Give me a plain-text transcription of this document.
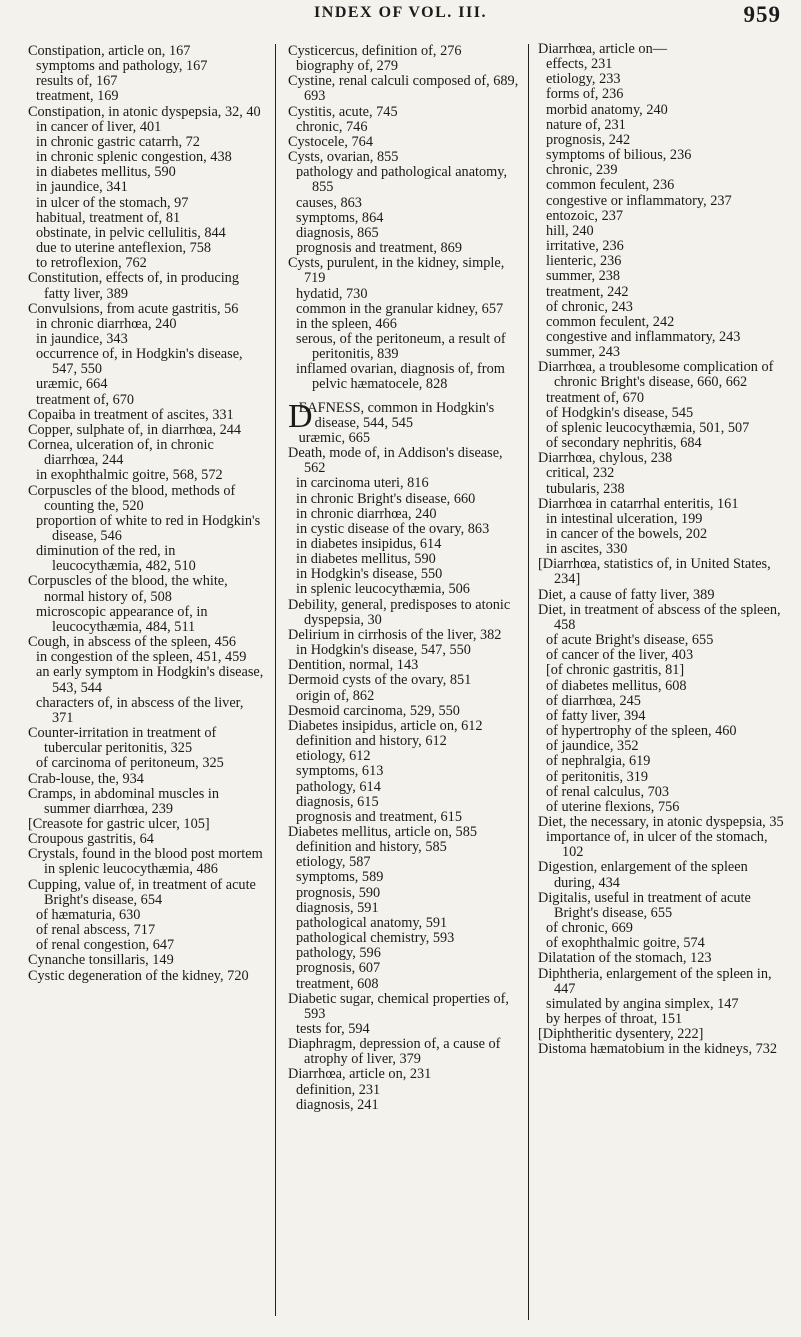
INDEX OF VOL. III.	959

Constipation, article on, 167

symptoms and pathology, 167

results of, 167

treatment, 169

Constipation, in atonic dyspepsia, 32, 40

in cancer of liver, 401

in chronic gastric catarrh, 72

in chronic splenic congestion, 438

in diabetes mellitus, 590

in jaundice, 341

in ulcer of the stomach, 97

habitual, treatment of, 81

obstinate, in pelvic cellulitis, 844

due to uterine anteflexion, 758

to retroflexion, 762

Constitution, effects of, in producing fatty liver, 389

Convulsions, from acute gastritis, 56

in chronic diarrhœa, 240

in jaundice, 343

occurrence of, in Hodgkin's disease, 547, 550

uræmic, 664

treatment of, 670

Copaiba in treatment of ascites, 331

Copper, sulphate of, in diarrhœa, 244

Cornea, ulceration of, in chronic diarrhœa, 244

in exophthalmic goitre, 568, 572

Corpuscles of the blood, methods of counting the, 520

proportion of white to red in Hodgkin's disease, 546

diminution of the red, in leucocythæmia, 482, 510

Corpuscles of the blood, the white, normal history of, 508

microscopic appearance of, in leucocythæmia, 484, 511

Cough, in abscess of the spleen, 456

in congestion of the spleen, 451, 459

an early symptom in Hodgkin's disease, 543, 544

characters of, in abscess of the liver, 371

Counter-irritation in treatment of tubercular peritonitis, 325

of carcinoma of peritoneum, 325

Crab-louse, the, 934

Cramps, in abdominal muscles in summer diarrhœa, 239

[Creasote for gastric ulcer, 105]

Croupous gastritis, 64

Crystals, found in the blood post mortem in splenic leucocythæmia, 486

Cupping, value of, in treatment of acute Bright's disease, 654

of hæmaturia, 630

of renal abscess, 717

of renal congestion, 647

Cynanche tonsillaris, 149

Cystic degeneration of the kidney, 720

Cysticercus, definition of, 276

biography of, 279

Cystine, renal calculi composed of, 689, 693

Cystitis, acute, 745

chronic, 746

Cystocele, 764

Cysts, ovarian, 855

pathology and pathological anatomy, 855

causes, 863

symptoms, 864

diagnosis, 865

prognosis and treatment, 869

Cysts, purulent, in the kidney, simple, 719

hydatid, 730

common in the granular kidney, 657

in the spleen, 466

serous, of the peritoneum, a result of peritonitis, 839

inflamed ovarian, diagnosis of, from pelvic hæmatocele, 828

D
EAFNESS, common in Hodgkin's disease, 544, 545

uræmic, 665

Death, mode of, in Addison's disease, 562

in carcinoma uteri, 816

in chronic Bright's disease, 660

in chronic diarrhœa, 240

in cystic disease of the ovary, 863

in diabetes insipidus, 614

in diabetes mellitus, 590

in Hodgkin's disease, 550

in splenic leucocythæmia, 506

Debility, general, predisposes to atonic dyspepsia, 30

Delirium in cirrhosis of the liver, 382

in Hodgkin's disease, 547, 550

Dentition, normal, 143

Dermoid cysts of the ovary, 851

origin of, 862

Desmoid carcinoma, 529, 550

Diabetes insipidus, article on, 612

definition and history, 612

etiology, 612

symptoms, 613

pathology, 614

diagnosis, 615

prognosis and treatment, 615

Diabetes mellitus, article on, 585

definition and history, 585

etiology, 587

symptoms, 589

prognosis, 590

diagnosis, 591

pathological anatomy, 591

pathological chemistry, 593

pathology, 596

prognosis, 607

treatment, 608

Diabetic sugar, chemical properties of, 593

tests for, 594

Diaphragm, depression of, a cause of atrophy of liver, 379

Diarrhœa, article on, 231

definition, 231

diagnosis, 241

Diarrhœa, article on—

effects, 231

etiology, 233

forms of, 236

morbid anatomy, 240

nature of, 231

prognosis, 242

symptoms of bilious, 236

chronic, 239

common feculent, 236

congestive or inflammatory, 237

entozoic, 237

hill, 240

irritative, 236

lienteric, 236

summer, 238

treatment, 242

of chronic, 243

common feculent, 242

congestive and inflammatory, 243

summer, 243

Diarrhœa, a troublesome complication of chronic Bright's disease, 660, 662

treatment of, 670

of Hodgkin's disease, 545

of splenic leucocythæmia, 501, 507

of secondary nephritis, 684

Diarrhœa, chylous, 238

critical, 232

tubularis, 238

Diarrhœa in catarrhal enteritis, 161

in intestinal ulceration, 199

in cancer of the bowels, 202

in ascites, 330

[Diarrhœa, statistics of, in United States, 234]

Diet, a cause of fatty liver, 389

Diet, in treatment of abscess of the spleen, 458

of acute Bright's disease, 655

of cancer of the liver, 403

[of chronic gastritis, 81]

of diabetes mellitus, 608

of diarrhœa, 245

of fatty liver, 394

of hypertrophy of the spleen, 460

of jaundice, 352

of nephralgia, 619

of peritonitis, 319

of renal calculus, 703

of uterine flexions, 756

Diet, the necessary, in atonic dyspepsia, 35

importance of, in ulcer of the stomach, 102

Digestion, enlargement of the spleen during, 434

Digitalis, useful in treatment of acute Bright's disease, 655

of chronic, 669

of exophthalmic goitre, 574

Dilatation of the stomach, 123

Diphtheria, enlargement of the spleen in, 447

simulated by angina simplex, 147

by herpes of throat, 151

[Diphtheritic dysentery, 222]

Distoma hæmatobium in the kidneys, 732
